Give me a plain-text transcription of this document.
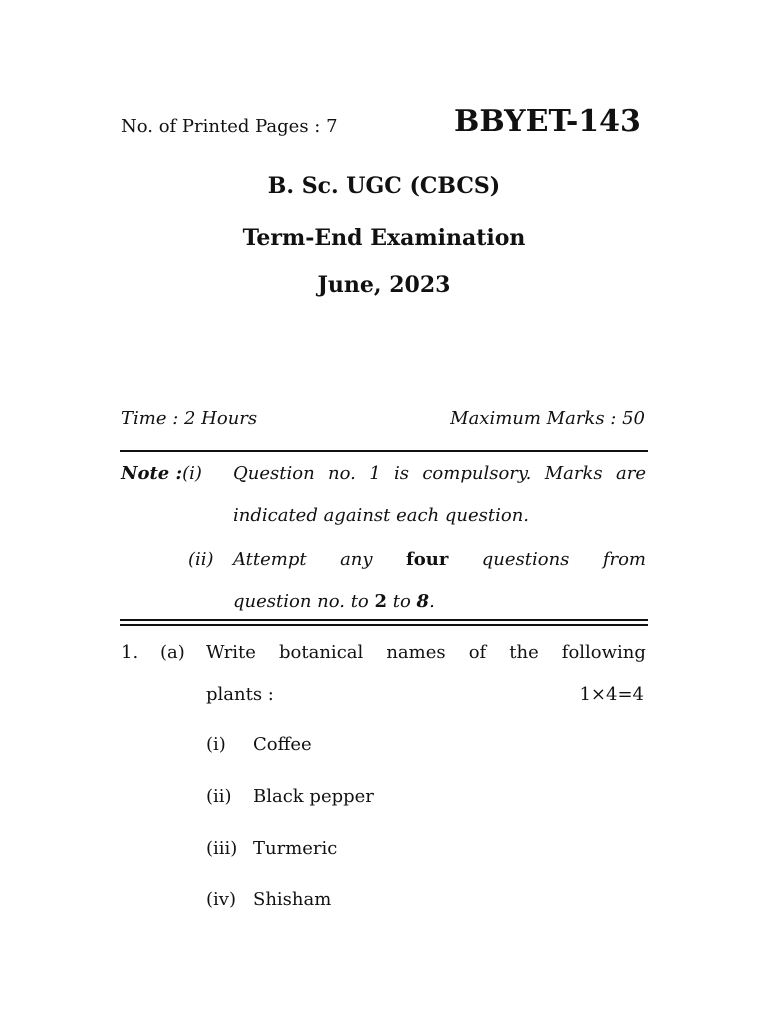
No. of Printed Pages : 7	BBYET-143
B. Sc. UGC (CBCS)
Term-End Examination
June, 2023
Time : 2 Hours	Maximum Marks : 50
Note :(i) Question no. 1 is compulsory. Marks are
indicated against each question.
(ii) Attempt any four questions from
question no. to 2 to 8.
1. (a) Write botanical names of the following
plants :	1×4=4
(i) Coffee
(ii) Black pepper
(iii) Turmeric
(iv) Shisham
